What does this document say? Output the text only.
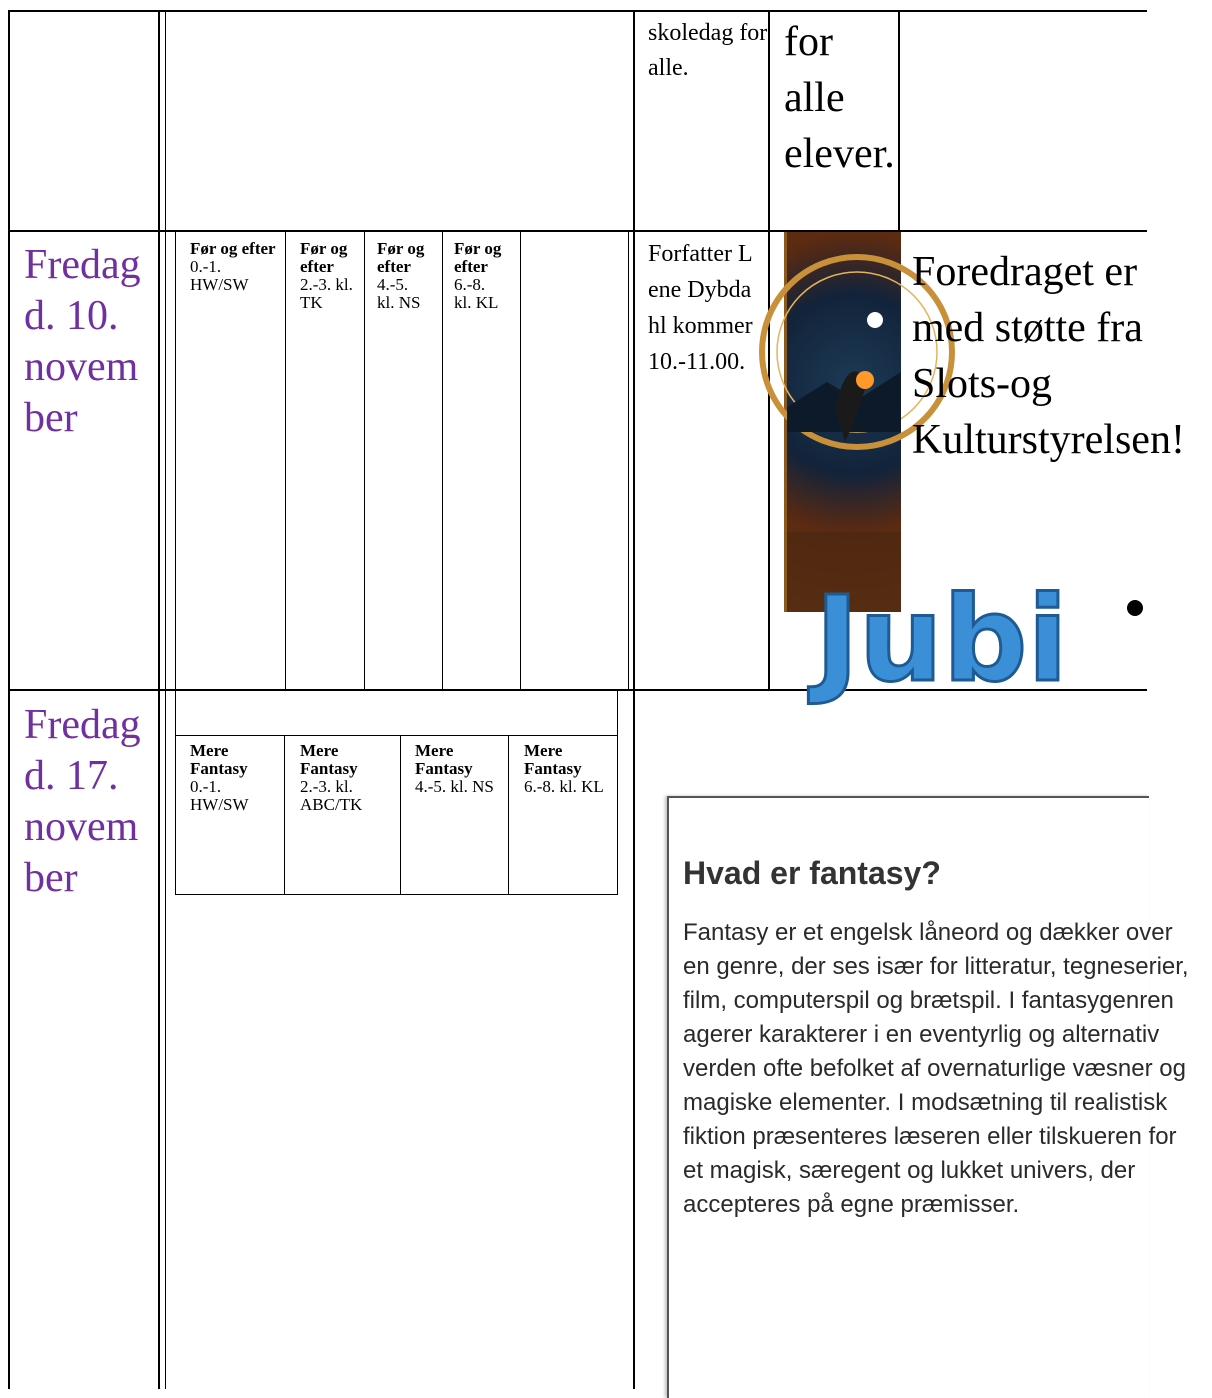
skoledag for alle.
for alle elever.
Fredag d. 10. november
Før og efter
0.-1. HW/SW
Før og efter
2.-3. kl. TK
Før og efter
4.-5. kl. NS
Før og efter
6.-8. kl. KL
Forfatter Lene Dybdahl kommer 10.-11.00.
Foredraget er med støtte fra Slots-og Kulturstyrelsen!
Jubi
Fredag d. 17. november
Mere Fantasy
0.-1. HW/SW
Mere Fantasy
2.-3. kl. ABC/TK
Mere Fantasy
4.-5. kl. NS
Mere Fantasy
6.-8. kl. KL
Hvad er fantasy?
Fantasy er et engelsk låneord og dækker over en genre, der ses især for litteratur, tegneserier, film, computerspil og brætspil. I fantasygenren agerer karakterer i en eventyrlig og alternativ verden ofte befolket af overnaturlige væsner og magiske elementer. I modsætning til realistisk fiktion præsenteres læseren eller tilskueren for et magisk, særegent og lukket univers, der accepteres på egne præmisser.
